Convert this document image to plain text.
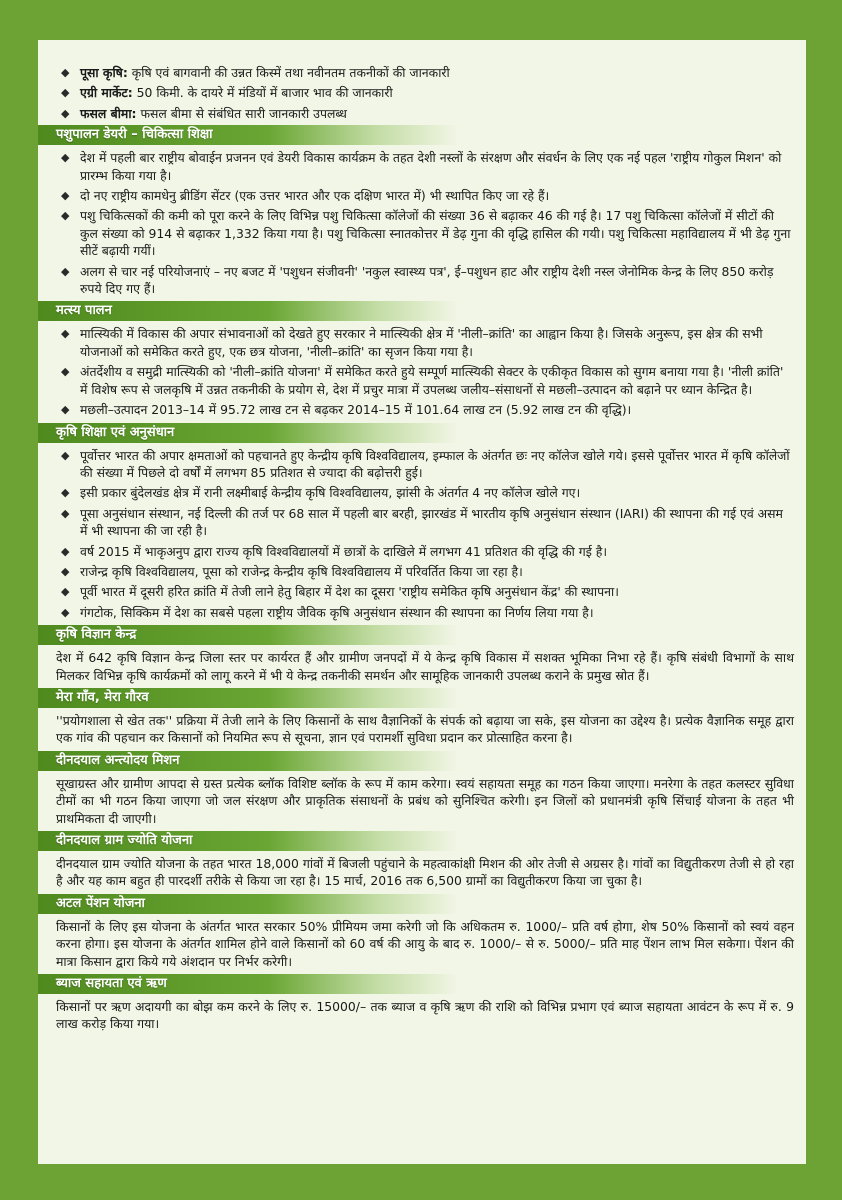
◆ पूसा कृषि: कृषि एवं बागवानी की उन्नत किस्में तथा नवीनतम तकनीकों की जानकारी
◆ एग्री मार्केट: 50 किमी. के दायरे में मंडियों में बाजार भाव की जानकारी
◆ फसल बीमा: फसल बीमा से संबंधित सारी जानकारी उपलब्ध
पशुपालन डेयरी – चिकित्सा शिक्षा
◆ देश में पहली बार राष्ट्रीय बोवाईन प्रजनन एवं डेयरी विकास कार्यक्रम के तहत देशी नस्लों के संरक्षण और संवर्धन के लिए एक नई पहल 'राष्ट्रीय गोकुल मिशन' को प्रारम्भ किया गया है।
◆ दो नए राष्ट्रीय कामधेनु ब्रीडिंग सेंटर (एक उत्तर भारत और एक दक्षिण भारत में) भी स्थापित किए जा रहे हैं।
◆ पशु चिकित्सकों की कमी को पूरा करने के लिए विभिन्न पशु चिकित्सा कॉलेजों की संख्या 36 से बढ़ाकर 46 की गई है। 17 पशु चिकित्सा कॉलेजों में सीटों की कुल संख्या को 914 से बढ़ाकर 1,332 किया गया है। पशु चिकित्सा स्नातकोत्तर में डेढ़ गुना की वृद्धि हासिल की गयी। पशु चिकित्सा महाविद्यालय में भी डेढ़ गुना सीटें बढ़ायी गयीं।
◆ अलग से चार नई परियोजनाएं – नए बजट में 'पशुधन संजीवनी' 'नकुल स्वास्थ्य पत्र', ई–पशुधन हाट और राष्ट्रीय देशी नस्ल जेनोमिक केन्द्र के लिए 850 करोड़ रुपये दिए गए हैं।
मत्स्य पालन
◆ मात्स्यिकी में विकास की अपार संभावनाओं को देखते हुए सरकार ने मात्स्यिकी क्षेत्र में 'नीली–क्रांति' का आह्वान किया है। जिसके अनुरूप, इस क्षेत्र की सभी योजनाओं को समेकित करते हुए, एक छत्र योजना, 'नीली–क्रांति' का सृजन किया गया है।
◆ अंतर्देशीय व समुद्री मात्स्यिकी को 'नीली–क्रांति योजना' में समेकित करते हुये सम्पूर्ण मात्स्यिकी सेक्टर के एकीकृत विकास को सुगम बनाया गया है। 'नीली क्रांति' में विशेष रूप से जलकृषि में उन्नत तकनीकी के प्रयोग से, देश में प्रचुर मात्रा में उपलब्ध जलीय–संसाधनों से मछली–उत्पादन को बढ़ाने पर ध्यान केन्द्रित है।
◆ मछली–उत्पादन 2013–14 में 95.72 लाख टन से बढ़कर 2014–15 में 101.64 लाख टन (5.92 लाख टन की वृद्धि)।
कृषि शिक्षा एवं अनुसंधान
◆ पूर्वोत्तर भारत की अपार क्षमताओं को पहचानते हुए केन्द्रीय कृषि विश्वविद्यालय, इम्फाल के अंतर्गत छः नए कॉलेज खोले गये। इससे पूर्वोत्तर भारत में कृषि कॉलेजों की संख्या में पिछले दो वर्षों में लगभग 85 प्रतिशत से ज्यादा की बढ़ोत्तरी हुई।
◆ इसी प्रकार बुंदेलखंड क्षेत्र में रानी लक्ष्मीबाई केन्द्रीय कृषि विश्वविद्यालय, झांसी के अंतर्गत 4 नए कॉलेज खोले गए।
◆ पूसा अनुसंधान संस्थान, नई दिल्ली की तर्ज पर 68 साल में पहली बार बरही, झारखंड में भारतीय कृषि अनुसंधान संस्थान (IARI) की स्थापना की गई एवं असम में भी स्थापना की जा रही है।
◆ वर्ष 2015 में भाकृअनुप द्वारा राज्य कृषि विश्वविद्यालयों में छात्रों के दाखिले में लगभग 41 प्रतिशत की वृद्धि की गई है।
◆ राजेन्द्र कृषि विश्वविद्यालय, पूसा को राजेन्द्र केन्द्रीय कृषि विश्वविद्यालय में परिवर्तित किया जा रहा है।
◆ पूर्वी भारत में दूसरी हरित क्रांति में तेजी लाने हेतु बिहार में देश का दूसरा 'राष्ट्रीय समेकित कृषि अनुसंधान केंद्र' की स्थापना।
◆ गंगटोक, सिक्किम में देश का सबसे पहला राष्ट्रीय जैविक कृषि अनुसंधान संस्थान की स्थापना का निर्णय लिया गया है।
कृषि विज्ञान केन्द्र

देश में 642 कृषि विज्ञान केन्द्र जिला स्तर पर कार्यरत हैं और ग्रामीण जनपदों में ये केन्द्र कृषि विकास में सशक्त भूमिका निभा रहे हैं। कृषि संबंधी विभागों के साथ मिलकर विभिन्न कृषि कार्यक्रमों को लागू करने में भी ये केन्द्र तकनीकी समर्थन और सामूहिक जानकारी उपलब्ध कराने के प्रमुख स्रोत हैं।

मेरा गाँव, मेरा गौरव

''प्रयोगशाला से खेत तक'' प्रक्रिया में तेजी लाने के लिए किसानों के साथ वैज्ञानिकों के संपर्क को बढ़ाया जा सके, इस योजना का उद्देश्य है। प्रत्येक वैज्ञानिक समूह द्वारा एक गांव की पहचान कर किसानों को नियमित रूप से सूचना, ज्ञान एवं परामर्शी सुविधा प्रदान कर प्रोत्साहित करना है।

दीनदयाल अन्त्योदय मिशन

सूखाग्रस्त और ग्रामीण आपदा से ग्रस्त प्रत्येक ब्लॉक विशिष्ट ब्लॉक के रूप में काम करेगा। स्वयं सहायता समूह का गठन किया जाएगा। मनरेगा के तहत कलस्टर सुविधा टीमों का भी गठन किया जाएगा जो जल संरक्षण और प्राकृतिक संसाधनों के प्रबंध को सुनिश्चित करेगी। इन जिलों को प्रधानमंत्री कृषि सिंचाई योजना के तहत भी प्राथमिकता दी जाएगी।

दीनदयाल ग्राम ज्योति योजना

दीनदयाल ग्राम ज्योति योजना के तहत भारत 18,000 गांवों में बिजली पहुंचाने के महत्वाकांक्षी मिशन की ओर तेजी से अग्रसर है। गांवों का विद्युतीकरण तेजी से हो रहा है और यह काम बहुत ही पारदर्शी तरीके से किया जा रहा है। 15 मार्च, 2016 तक 6,500 ग्रामों का विद्युतीकरण किया जा चुका है।

अटल पेंशन योजना

किसानों के लिए इस योजना के अंतर्गत भारत सरकार 50% प्रीमियम जमा करेगी जो कि अधिकतम रु. 1000/– प्रति वर्ष होगा, शेष 50% किसानों को स्वयं वहन करना होगा। इस योजना के अंतर्गत शामिल होने वाले किसानों को 60 वर्ष की आयु के बाद रु. 1000/– से रु. 5000/– प्रति माह पेंशन लाभ मिल सकेगा। पेंशन की मात्रा किसान द्वारा किये गये अंशदान पर निर्भर करेगी।

ब्याज सहायता एवं ऋण

किसानों पर ऋण अदायगी का बोझ कम करने के लिए रु. 15000/– तक ब्याज व कृषि ऋण की राशि को विभिन्न प्रभाग एवं ब्याज सहायता आवंटन के रूप में रु. 9 लाख करोड़ किया गया।
